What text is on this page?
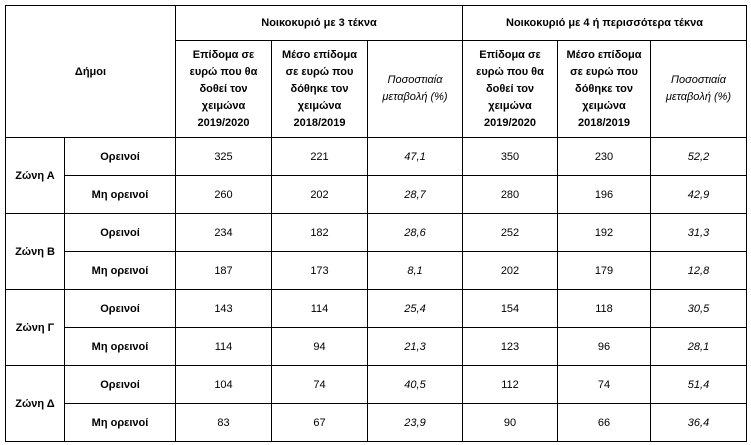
Δήμοι		Νοικοκυριό με 3 τέκνα			Νοικοκυριό με 4 ή περισσότερα τέκνα		
		Επίδομα σε ευρώ που θα δοθεί τον χειμώνα 2019/2020	Μέσο επίδομα σε ευρώ που δόθηκε τον χειμώνα 2018/2019	Ποσοστιαία μεταβολή (%)	Επίδομα σε ευρώ που θα δοθεί τον χειμώνα 2019/2020	Μέσο επίδομα σε ευρώ που δόθηκε τον χειμώνα 2018/2019	Ποσοστιαία μεταβολή (%)
Ζώνη Α	Ορεινοί	325	221	47,1	350	230	52,2
	Μη ορεινοί	260	202	28,7	280	196	42,9
Ζώνη Β	Ορεινοί	234	182	28,6	252	192	31,3
	Μη ορεινοί	187	173	8,1	202	179	12,8
Ζώνη Γ	Ορεινοί	143	114	25,4	154	118	30,5
	Μη ορεινοί	114	94	21,3	123	96	28,1
Ζώνη Δ	Ορεινοί	104	74	40,5	112	74	51,4
	Μη ορεινοί	83	67	23,9	90	66	36,4
